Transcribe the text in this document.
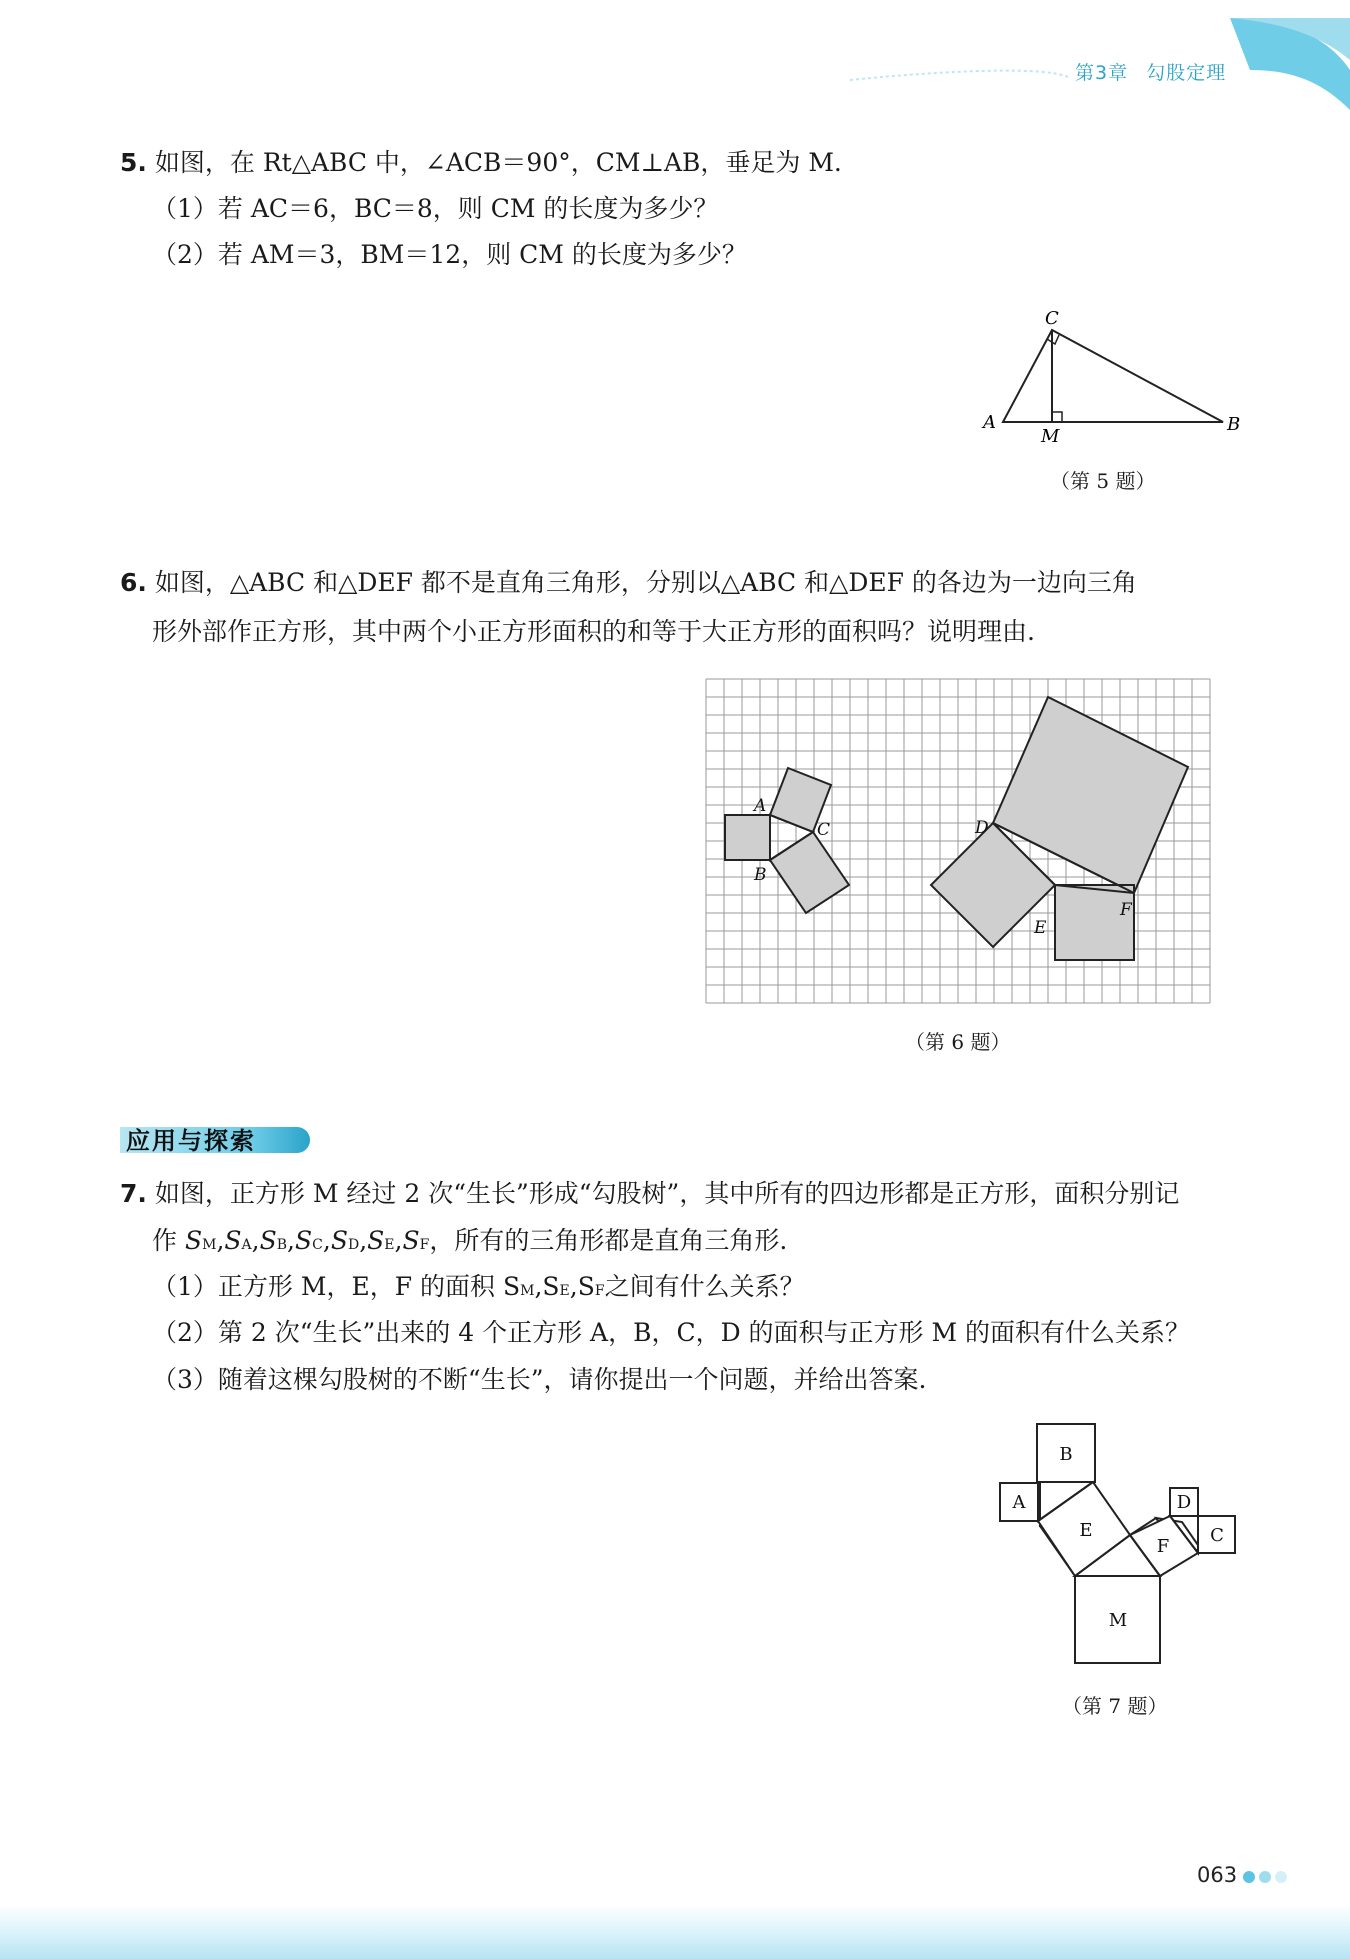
第3章 勾股定理
5. 如图，在 Rt△ABC 中，∠ACB＝90°，CM⊥AB，垂足为 M.
（1）若 AC＝6，BC＝8，则 CM 的长度为多少？
（2）若 AM＝3，BM＝12，则 CM 的长度为多少？
C
A	B
M
（第 5 题）
6. 如图，△ABC 和△DEF 都不是直角三角形，分别以△ABC 和△DEF 的各边为一边向三角
形外部作正方形，其中两个小正方形面积的和等于大正方形的面积吗？说明理由.
A
B
C	D
E
F
（第 6 题）
应用与探索
7. 如图，正方形 M 经过 2 次“生长”形成“勾股树”，其中所有的四边形都是正方形，面积分别记
作 SM,SA,SB,SC,SD,SE,SF，所有的三角形都是直角三角形.
（1）正方形 M，E，F 的面积 SM,SE,SF之间有什么关系？
（2）第 2 次“生长”出来的 4 个正方形 A，B，C，D 的面积与正方形 M 的面积有什么关系？
（3）随着这棵勾股树的不断“生长”，请你提出一个问题，并给出答案.
B
A
E
F
D
C
M
（第 7 题）
063
